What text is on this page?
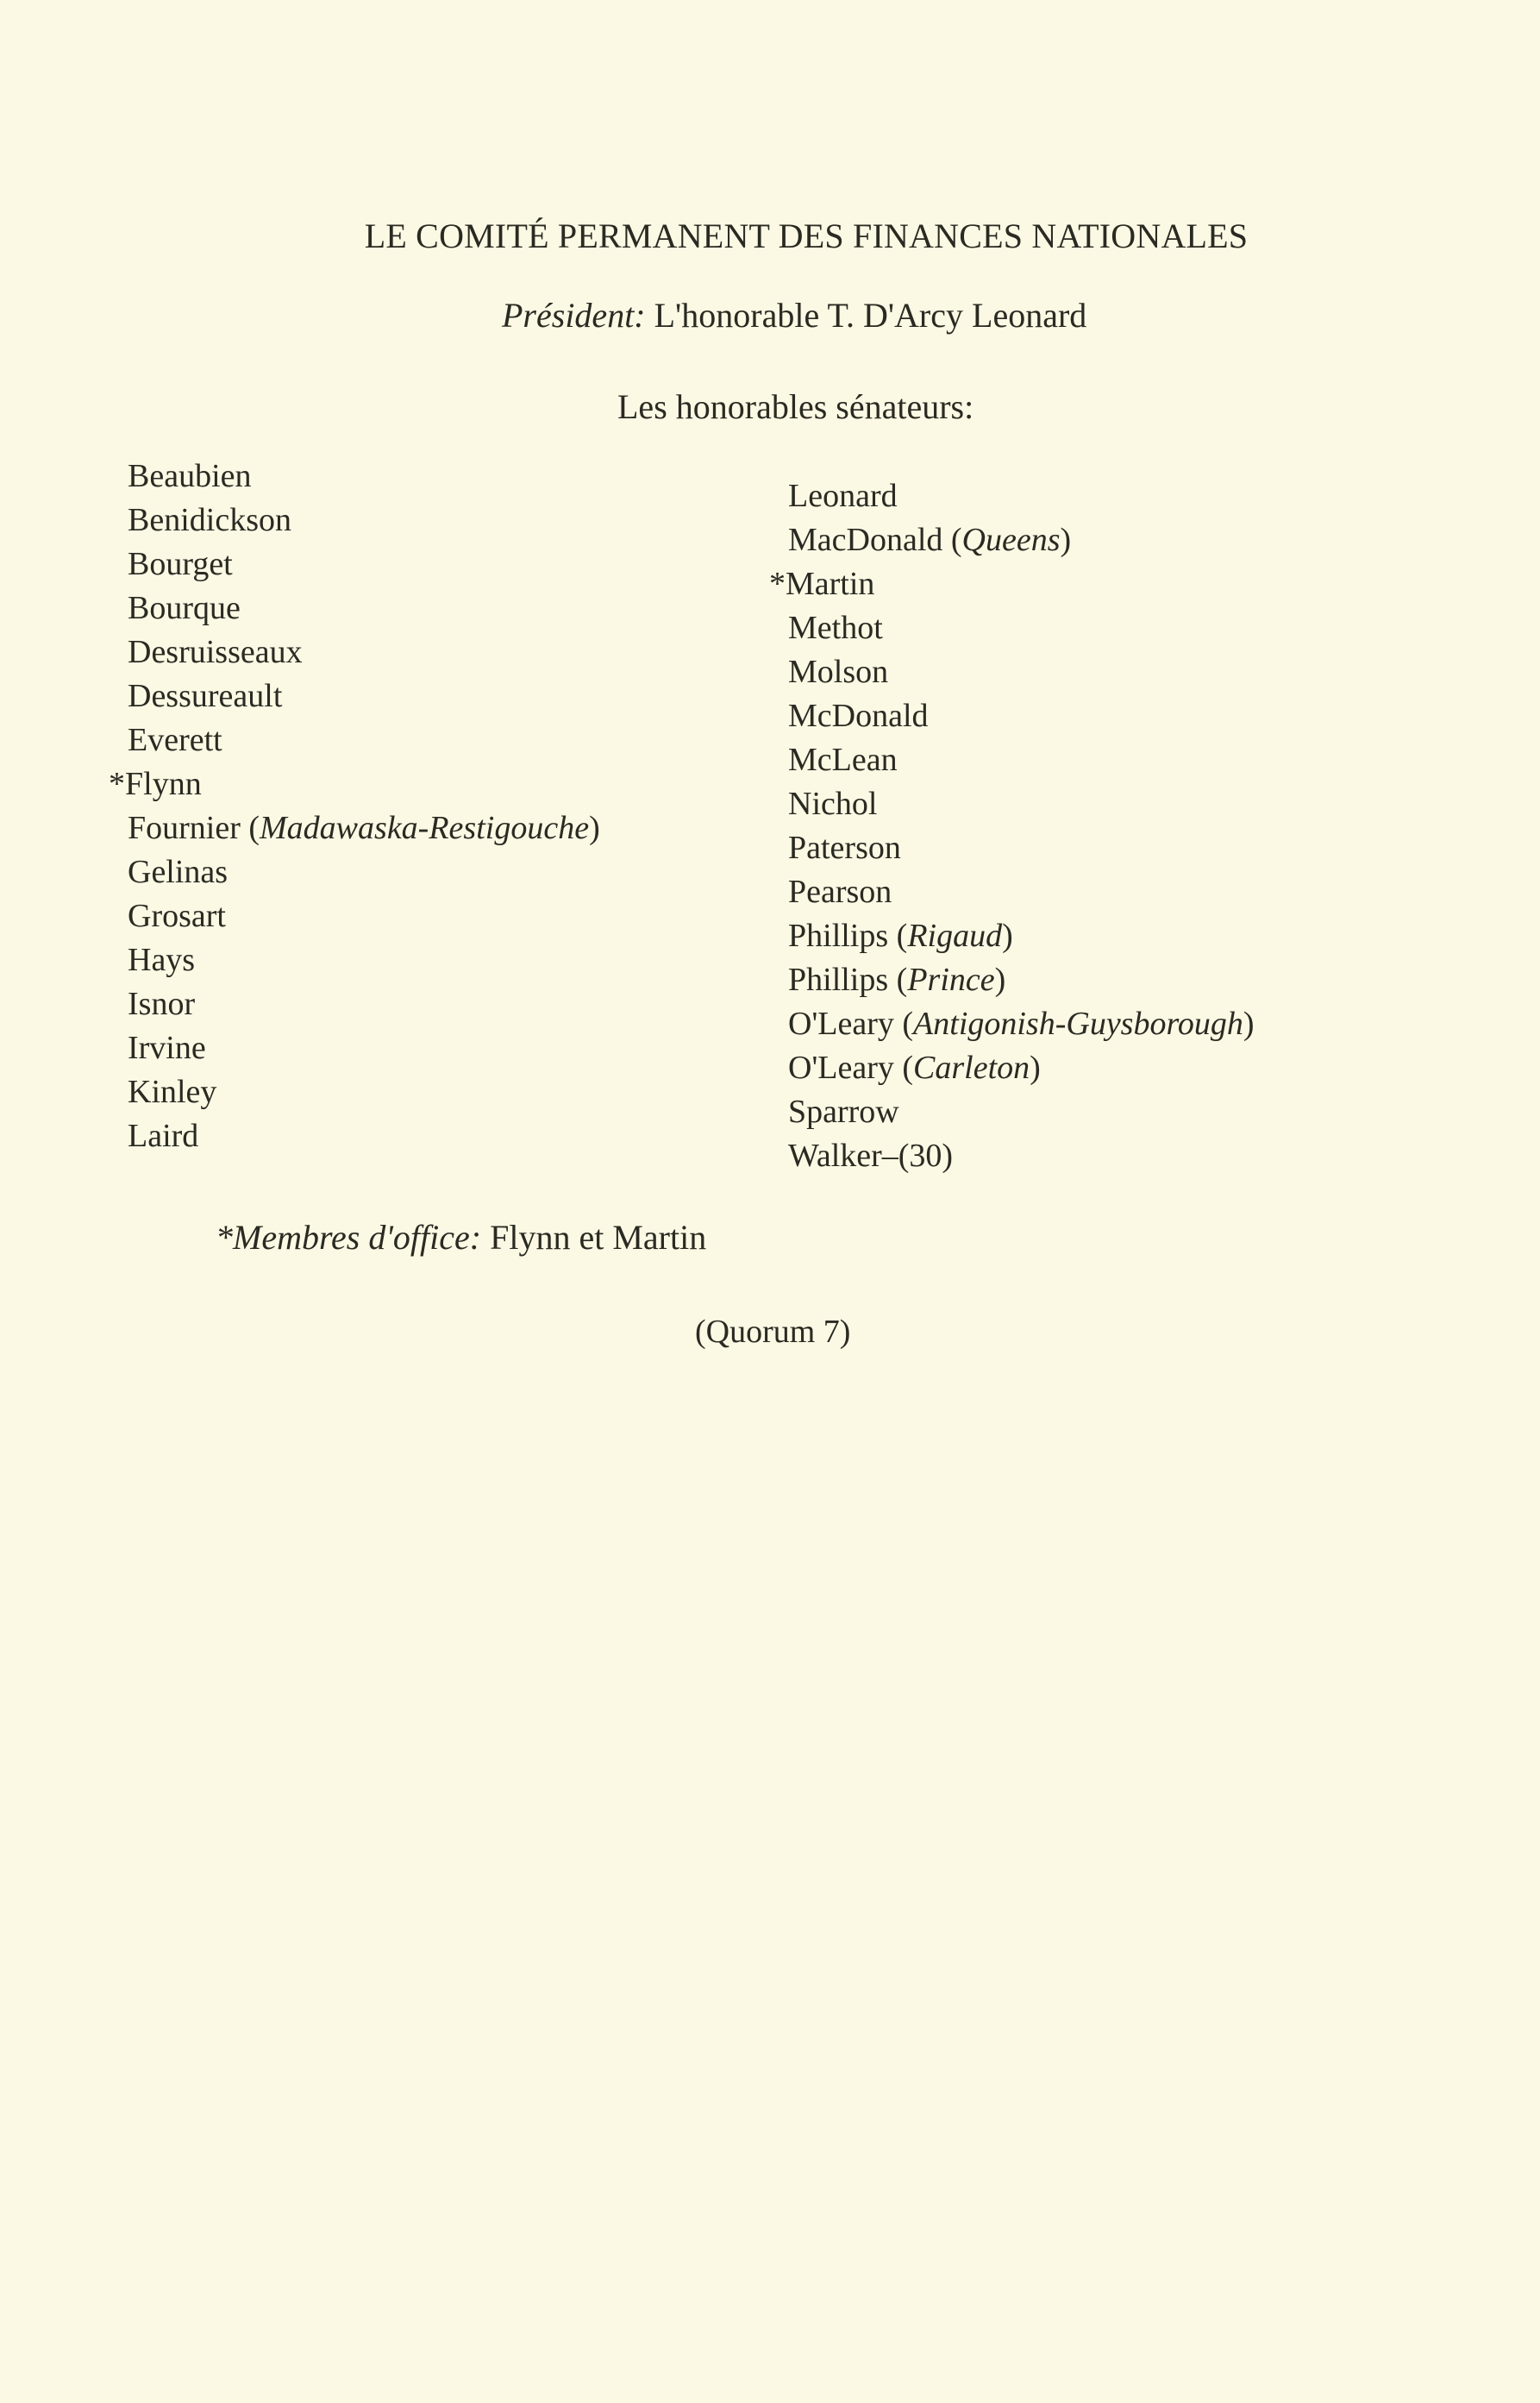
LE COMITÉ PERMANENT DES FINANCES NATIONALES
Président: L'honorable T. D'Arcy Leonard
Les honorables sénateurs:
Beaubien
Benidickson
Bourget
Bourque
Desruisseaux
Dessureault
Everett
*Flynn
Fournier (Madawaska-Restigouche)
Gelinas
Grosart
Hays
Isnor
Irvine
Kinley
Laird
Leonard
MacDonald (Queens)
*Martin
Methot
Molson
McDonald
McLean
Nichol
Paterson
Pearson
Phillips (Rigaud)
Phillips (Prince)
O'Leary (Antigonish-Guysborough)
O'Leary (Carleton)
Sparrow
Walker–(30)
*Membres d'office: Flynn et Martin
(Quorum 7)
